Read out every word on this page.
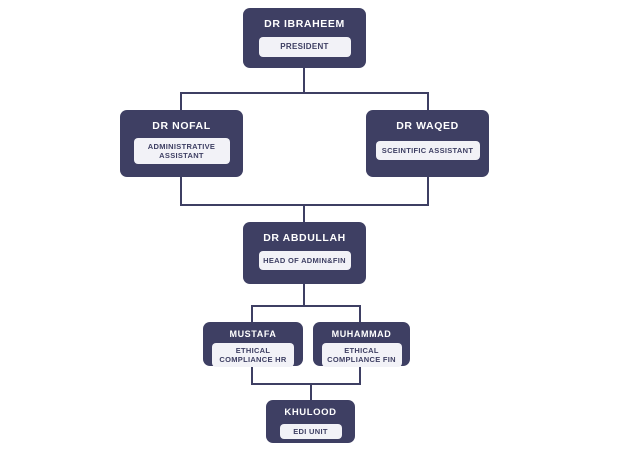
DR IBRAHEEM
PRESIDENT
DR NOFAL
ADMINISTRATIVE ASSISTANT
DR WAQED
SCEINTIFIC ASSISTANT
DR ABDULLAH
HEAD OF ADMIN&FIN
MUSTAFA
ETHICAL COMPLIANCE HR
MUHAMMAD
ETHICAL COMPLIANCE FIN
KHULOOD
EDI UNIT
